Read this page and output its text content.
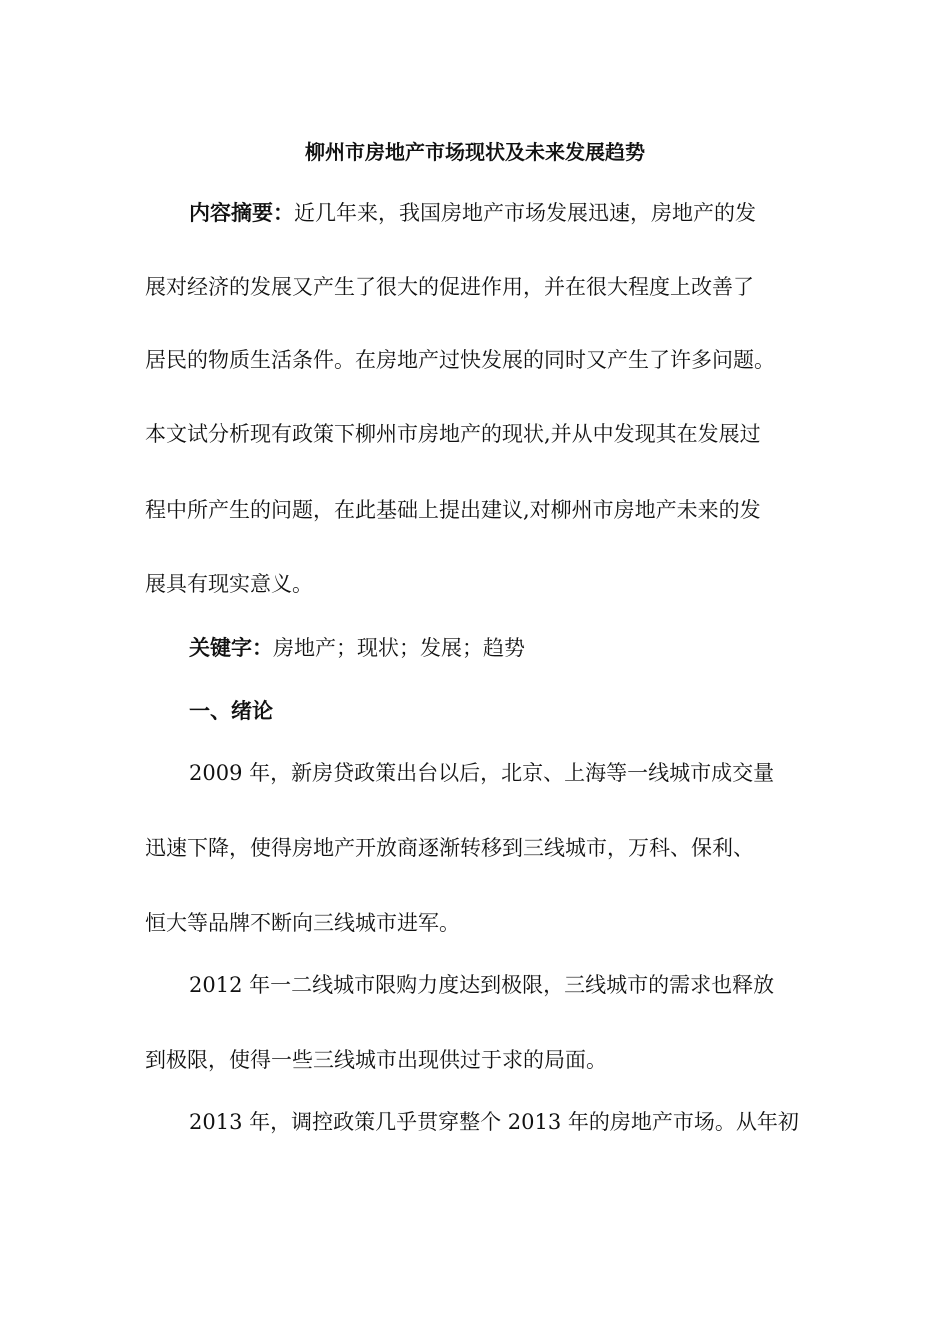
柳州市房地产市场现状及未来发展趋势
内容摘要：近几年来，我国房地产市场发展迅速，房地产的发
展对经济的发展又产生了很大的促进作用，并在很大程度上改善了
居民的物质生活条件。在房地产过快发展的同时又产生了许多问题。
本文试分析现有政策下柳州市房地产的现状,并从中发现其在发展过
程中所产生的问题，在此基础上提出建议,对柳州市房地产未来的发
展具有现实意义。
关键字：房地产；现状；发展；趋势
一、绪论
2009 年，新房贷政策出台以后，北京、上海等一线城市成交量
迅速下降，使得房地产开放商逐渐转移到三线城市，万科、保利、
恒大等品牌不断向三线城市进军。
2012 年一二线城市限购力度达到极限，三线城市的需求也释放
到极限，使得一些三线城市出现供过于求的局面。
2013 年，调控政策几乎贯穿整个 2013 年的房地产市场。从年初
